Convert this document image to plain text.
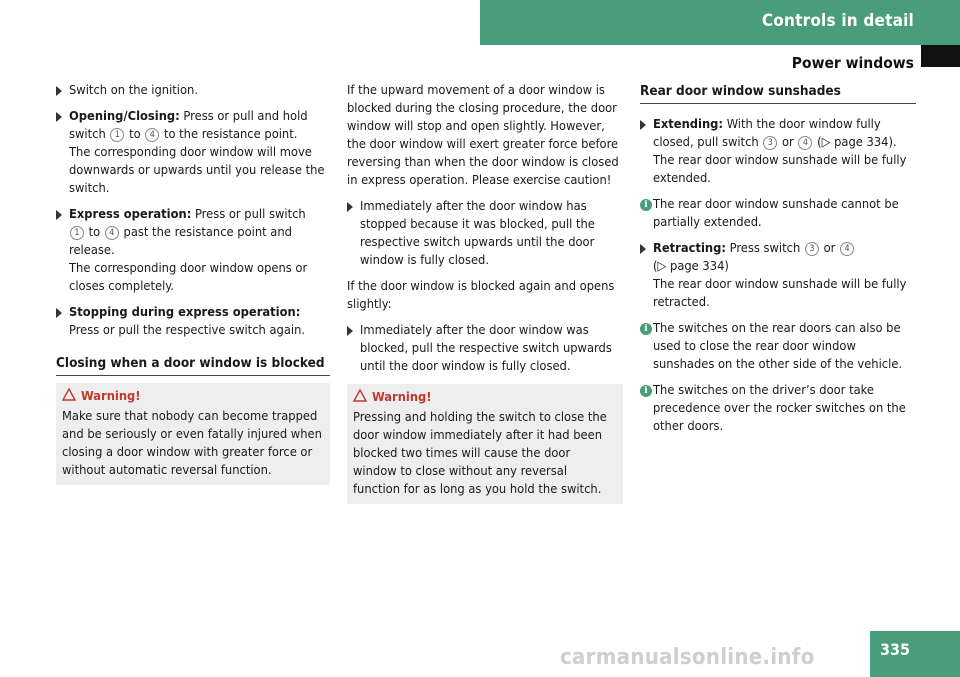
Controls in detail
Power windows
Switch on the ignition.
Opening/Closing: Press or pull and hold switch 1 to 4 to the resistance point.
The corresponding door window will move downwards or upwards until you release the switch.
Express operation: Press or pull switch
1 to 4 past the resistance point and release.
The corresponding door window opens or closes completely.
Stopping during express operation:
Press or pull the respective switch again.
Closing when a door window is blocked
Warning!
Make sure that nobody can become trapped and be seriously or even fatally injured when closing a door window with greater force or without automatic reversal function.

If the upward movement of a door window is blocked during the closing procedure, the door window will stop and open slightly. However, the door window will exert greater force before reversing than when the door window is closed in express operation. Please exercise caution!

Immediately after the door window has stopped because it was blocked, pull the respective switch upwards until the door window is fully closed.

If the door window is blocked again and opens slightly:

Immediately after the door window was blocked, pull the respective switch upwards until the door window is fully closed.
Warning!
Pressing and holding the switch to close the door window immediately after it had been blocked two times will cause the door window to close without any reversal function for as long as you hold the switch.
Rear door window sunshades
Extending: With the door window fully closed, pull switch 3 or 4 (▷ page 334).
The rear door window sunshade will be fully extended.
i The rear door window sunshade cannot be partially extended.
Retracting: Press switch 3 or 4
(▷ page 334)
The rear door window sunshade will be fully retracted.
i The switches on the rear doors can also be used to close the rear door window sunshades on the other side of the vehicle.
i The switches on the driver’s door take precedence over the rocker switches on the other doors.
carmanualsonline.info	335
